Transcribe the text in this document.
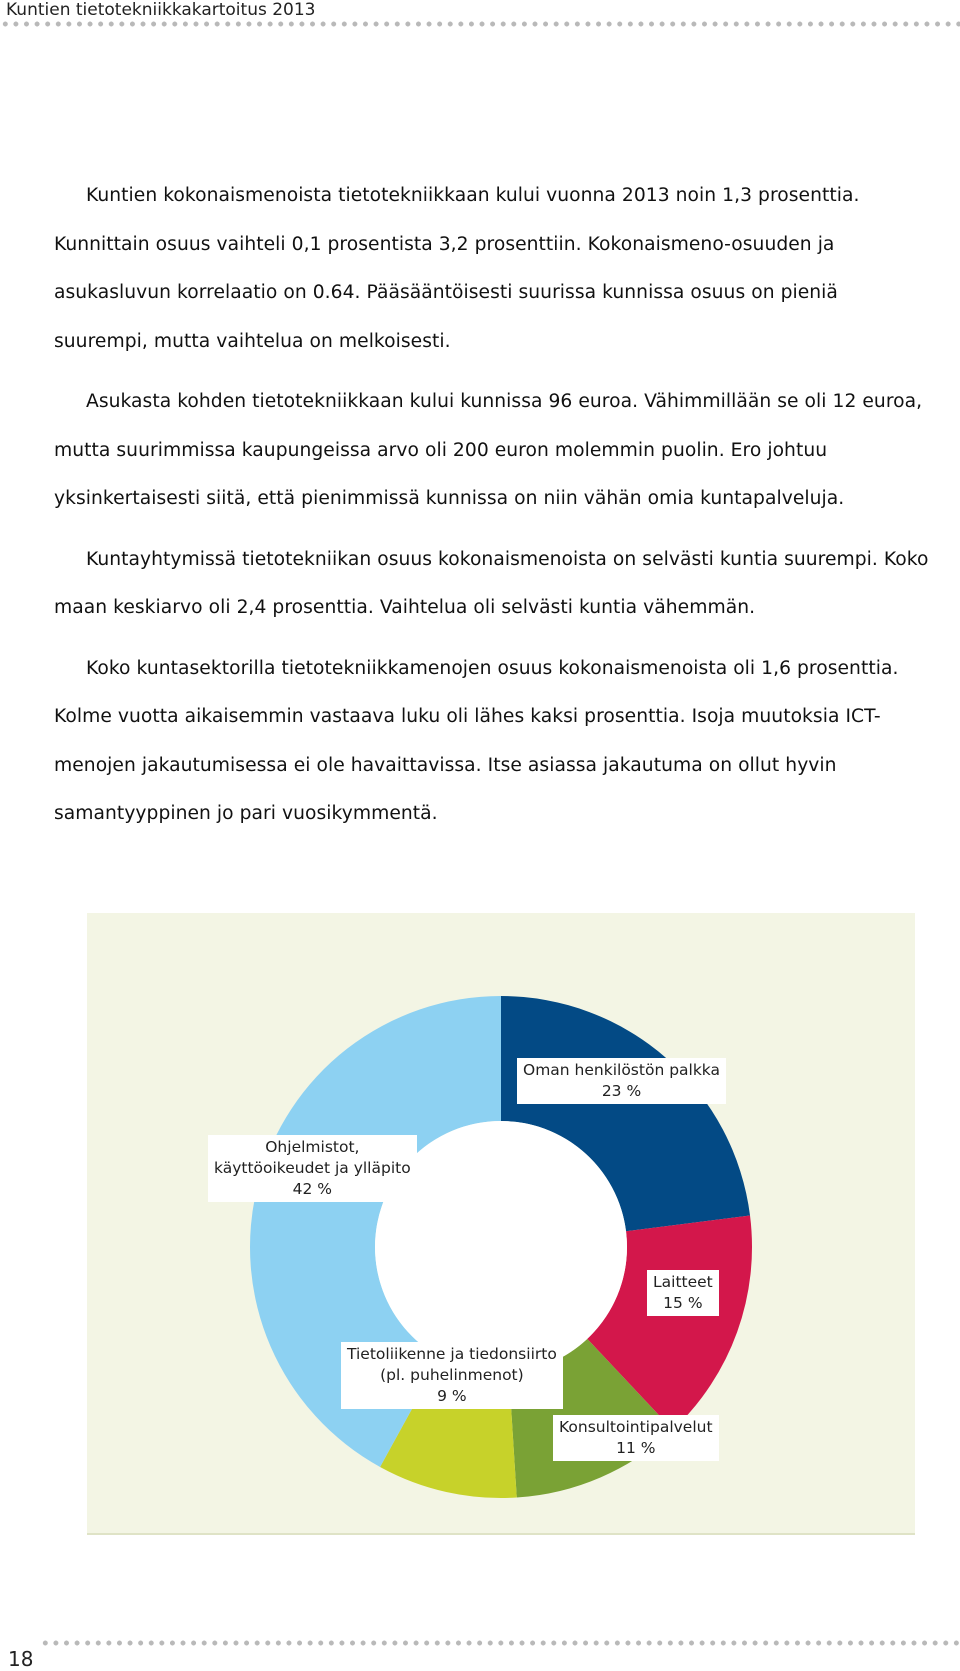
Kuntien tietotekniikkakartoitus 2013

Kuntien kokonaismenoista tietotekniikkaan kului vuonna 2013 noin 1,3 prosenttia. Kunnittain osuus vaihteli 0,1 prosentista 3,2 prosenttiin. Kokonaismeno-osuuden ja asukasluvun korrelaatio on 0.64. Pääsääntöisesti suurissa kunnissa osuus on pieniä suurempi, mutta vaihtelua on melkoisesti.

Asukasta kohden tietotekniikkaan kului kunnissa 96 euroa. Vähimmillään se oli 12 euroa, mutta suurimmissa kaupungeissa arvo oli 200 euron molemmin puolin. Ero johtuu yksinkertaisesti siitä, että pienimmissä kunnissa on niin vähän omia kuntapalveluja.

Kuntayhtymissä tietotekniikan osuus kokonaismenoista on selvästi kuntia suurempi. Koko maan keskiarvo oli 2,4 prosenttia. Vaihtelua oli selvästi kuntia vähemmän.

Koko kuntasektorilla tietotekniikkamenojen osuus kokonaismenoista oli 1,6 prosenttia. Kolme vuotta aikaisemmin vastaava luku oli lähes kaksi prosenttia. Isoja muutoksia ICT-menojen jakautumisessa ei ole havaittavissa. Itse asiassa jakautuma on ollut hyvin samantyyppinen jo pari vuosikymmentä.

Oman henkilöstön palkka
23 %
Laitteet
15 %
Konsultointipalvelut
11 %
Tietoliikenne ja tiedonsiirto
(pl. puhelinmenot)
9 %
Ohjelmistot,
käyttöoikeudet ja ylläpito
42 %
18
